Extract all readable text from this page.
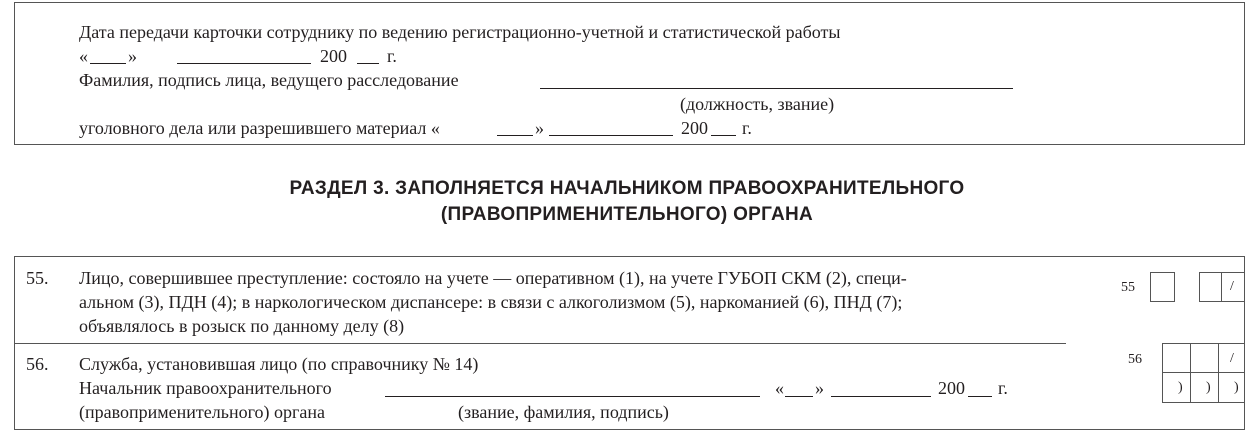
Дата передачи карточки сотруднику по ведению регистрационно-учетной и статистической работы
« »	200 г.
Фамилия, подпись лица, ведущего расследование
(должность, звание)
уголовного дела или разрешившего материал «	»	200 г.
РАЗДЕЛ 3. ЗАПОЛНЯЕТСЯ НАЧАЛЬНИКОМ ПРАВООХРАНИТЕЛЬНОГО
(ПРАВОПРИМЕНИТЕЛЬНОГО) ОРГАНА
55. Лицо, совершившее преступление: состояло на учете — оперативном (1), на учете ГУБОП СКМ (2), специ-
альном (3), ПДН (4); в наркологическом диспансере: в связи с алкоголизмом (5), наркоманией (6), ПНД (7);
объявлялось в розыск по данному делу (8)
55	/
56. Служба, установившая лицо (по справочнику № 14)
Начальник правоохранительного	« »	200 г.
(правоприменительного) органа	(звание, фамилия, подпись)
56	/
) ) )
